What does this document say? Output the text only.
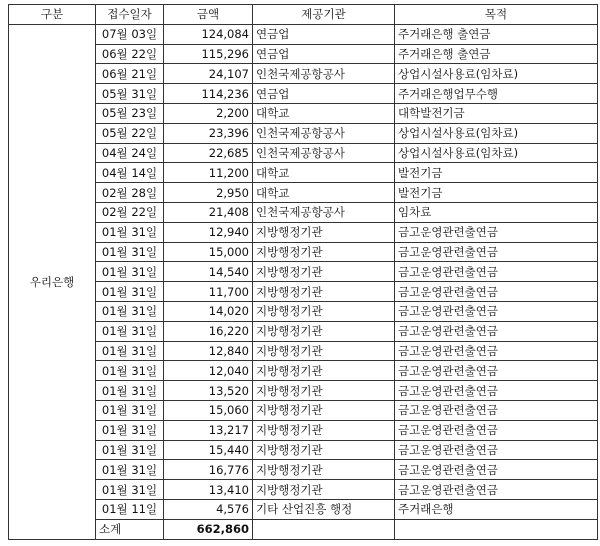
구분	접수일자	금액	제공기관	목적
우리은행	07월 03일	124,084	연금업	주거래은행 출연금
	06월 22일	115,296	연금업	주거래은행 출연금
	06월 21일	24,107	인천국제공항공사	상업시설사용료(임차료)
	05월 31일	114,236	연금업	주거래은행업무수행
	05월 23일	2,200	대학교	대학발전기금
	05월 22일	23,396	인천국제공항공사	상업시설사용료(임차료)
	04월 24일	22,685	인천국제공항공사	상업시설사용료(임차료)
	04월 14일	11,200	대학교	발전기금
	02월 28일	2,950	대학교	발전기금
	02월 22일	21,408	인천국제공항공사	임차료
	01월 31일	12,940	지방행정기관	금고운영관련출연금
	01월 31일	15,000	지방행정기관	금고운영관련출연금
	01월 31일	14,540	지방행정기관	금고운영관련출연금
	01월 31일	11,700	지방행정기관	금고운영관련출연금
	01월 31일	14,020	지방행정기관	금고운영관련출연금
	01월 31일	16,220	지방행정기관	금고운영관련출연금
	01월 31일	12,840	지방행정기관	금고운영관련출연금
	01월 31일	12,040	지방행정기관	금고운영관련출연금
	01월 31일	13,520	지방행정기관	금고운영관련출연금
	01월 31일	15,060	지방행정기관	금고운영관련출연금
	01월 31일	13,217	지방행정기관	금고운영관련출연금
	01월 31일	15,440	지방행정기관	금고운영관련출연금
	01월 31일	16,776	지방행정기관	금고운영관련출연금
	01월 31일	13,410	지방행정기관	금고운영관련출연금
	01월 11일	4,576	기타 산업진흥 행정	주거래은행
	소계	662,860		
